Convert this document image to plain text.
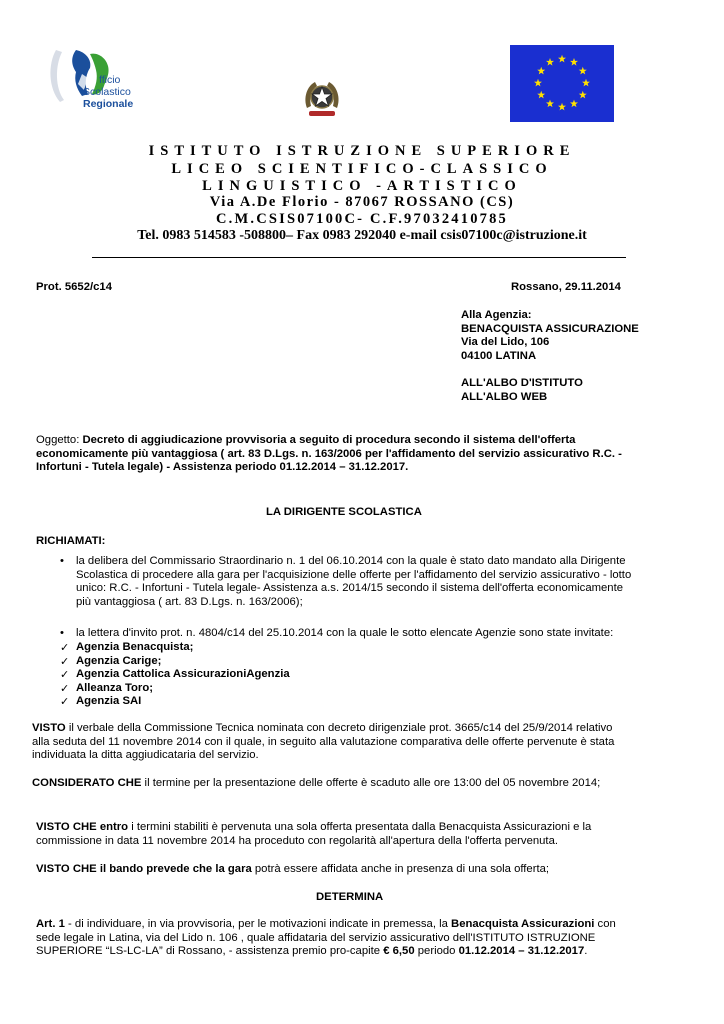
fficio
Scolastico
Regionale
ISTITUTO ISTRUZIONE SUPERIORE
LICEO SCIENTIFICO-CLASSICO
LINGUISTICO -ARTISTICO
Via A.De Florio - 87067 ROSSANO (CS)
C.M.CSIS07100C- C.F.97032410785
Tel. 0983 514583 -508800– Fax 0983 292040 e-mail csis07100c@istruzione.it
Prot. 5652/c14	Rossano, 29.11.2014
Alla Agenzia:
BENACQUISTA ASSICURAZIONE
Via del Lido, 106
04100 LATINA
ALL'ALBO D'ISTITUTO
ALL'ALBO WEB
Oggetto: Decreto di aggiudicazione provvisoria a seguito di procedura secondo il sistema dell'offerta
economicamente più vantaggiosa ( art. 83 D.Lgs. n. 163/2006 per l'affidamento del servizio assicurativo R.C. -
Infortuni - Tutela legale) - Assistenza periodo 01.12.2014 – 31.12.2017.
LA DIRIGENTE SCOLASTICA
RICHIAMATI:
• la delibera del Commissario Straordinario n. 1 del 06.10.2014 con la quale è stato dato mandato alla Dirigente
Scolastica di procedere alla gara per l'acquisizione delle offerte per l'affidamento del servizio assicurativo - lotto
unico: R.C. - Infortuni - Tutela legale- Assistenza a.s. 2014/15 secondo il sistema dell'offerta economicamente
più vantaggiosa ( art. 83 D.Lgs. n. 163/2006);
• la lettera d'invito prot. n. 4804/c14 del 25.10.2014 con la quale le sotto elencate Agenzie sono state invitate:
✓ Agenzia Benacquista;
✓ Agenzia Carige;
✓ Agenzia Cattolica AssicurazioniAgenzia
✓ Alleanza Toro;
✓ Agenzia SAI
VISTO il verbale della Commissione Tecnica nominata con decreto dirigenziale prot. 3665/c14 del 25/9/2014 relativo
alla seduta del 11 novembre 2014 con il quale, in seguito alla valutazione comparativa delle offerte pervenute è stata
individuata la ditta aggiudicataria del servizio.
CONSIDERATO CHE il termine per la presentazione delle offerte è scaduto alle ore 13:00 del 05 novembre 2014;
VISTO CHE entro i termini stabiliti è pervenuta una sola offerta presentata dalla Benacquista Assicurazioni e la
commissione in data 11 novembre 2014 ha proceduto con regolarità all'apertura della l'offerta pervenuta.
VISTO CHE il bando prevede che la gara potrà essere affidata anche in presenza di una sola offerta;
DETERMINA
Art. 1 - di individuare, in via provvisoria, per le motivazioni indicate in premessa, la Benacquista Assicurazioni con
sede legale in Latina, via del Lido n. 106 , quale affidataria del servizio assicurativo dell'ISTITUTO ISTRUZIONE
SUPERIORE “LS-LC-LA” di Rossano, - assistenza premio pro-capite € 6,50 periodo 01.12.2014 – 31.12.2017.
